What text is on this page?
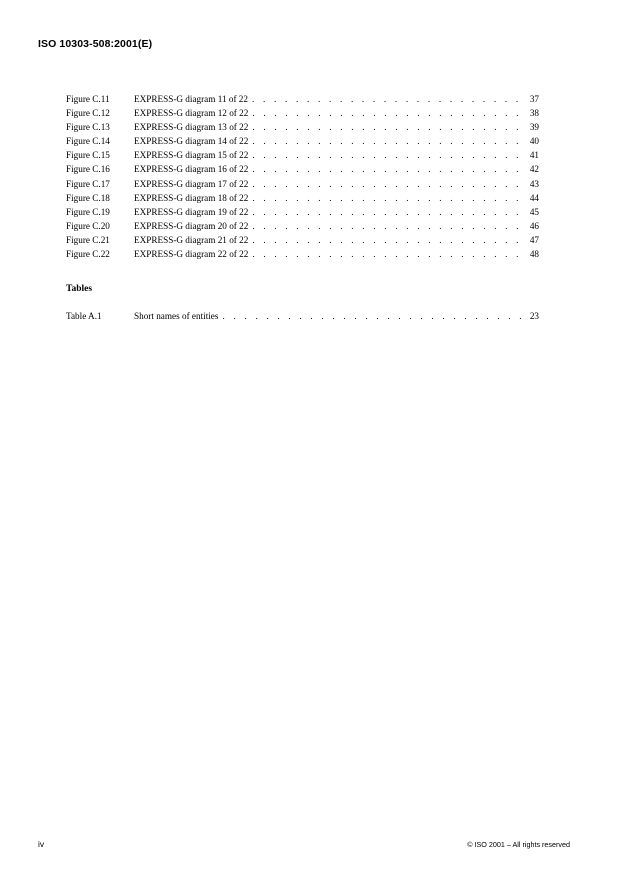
ISO 10303-508:2001(E)
Figure C.11	EXPRESS-G diagram 11 of 22 . . .	37
Figure C.12	EXPRESS-G diagram 12 of 22 . . .	38
Figure C.13	EXPRESS-G diagram 13 of 22 . . .	39
Figure C.14	EXPRESS-G diagram 14 of 22 . . .	40
Figure C.15	EXPRESS-G diagram 15 of 22 . . .	41
Figure C.16	EXPRESS-G diagram 16 of 22 . . .	42
Figure C.17	EXPRESS-G diagram 17 of 22 . . .	43
Figure C.18	EXPRESS-G diagram 18 of 22 . . .	44
Figure C.19	EXPRESS-G diagram 19 of 22 . . .	45
Figure C.20	EXPRESS-G diagram 20 of 22 . . .	46
Figure C.21	EXPRESS-G diagram 21 of 22 . . .	47
Figure C.22	EXPRESS-G diagram 22 of 22 . . .	48
Tables
Table A.1	Short names of entities . . .	23
iv	© ISO 2001 – All rights reserved
